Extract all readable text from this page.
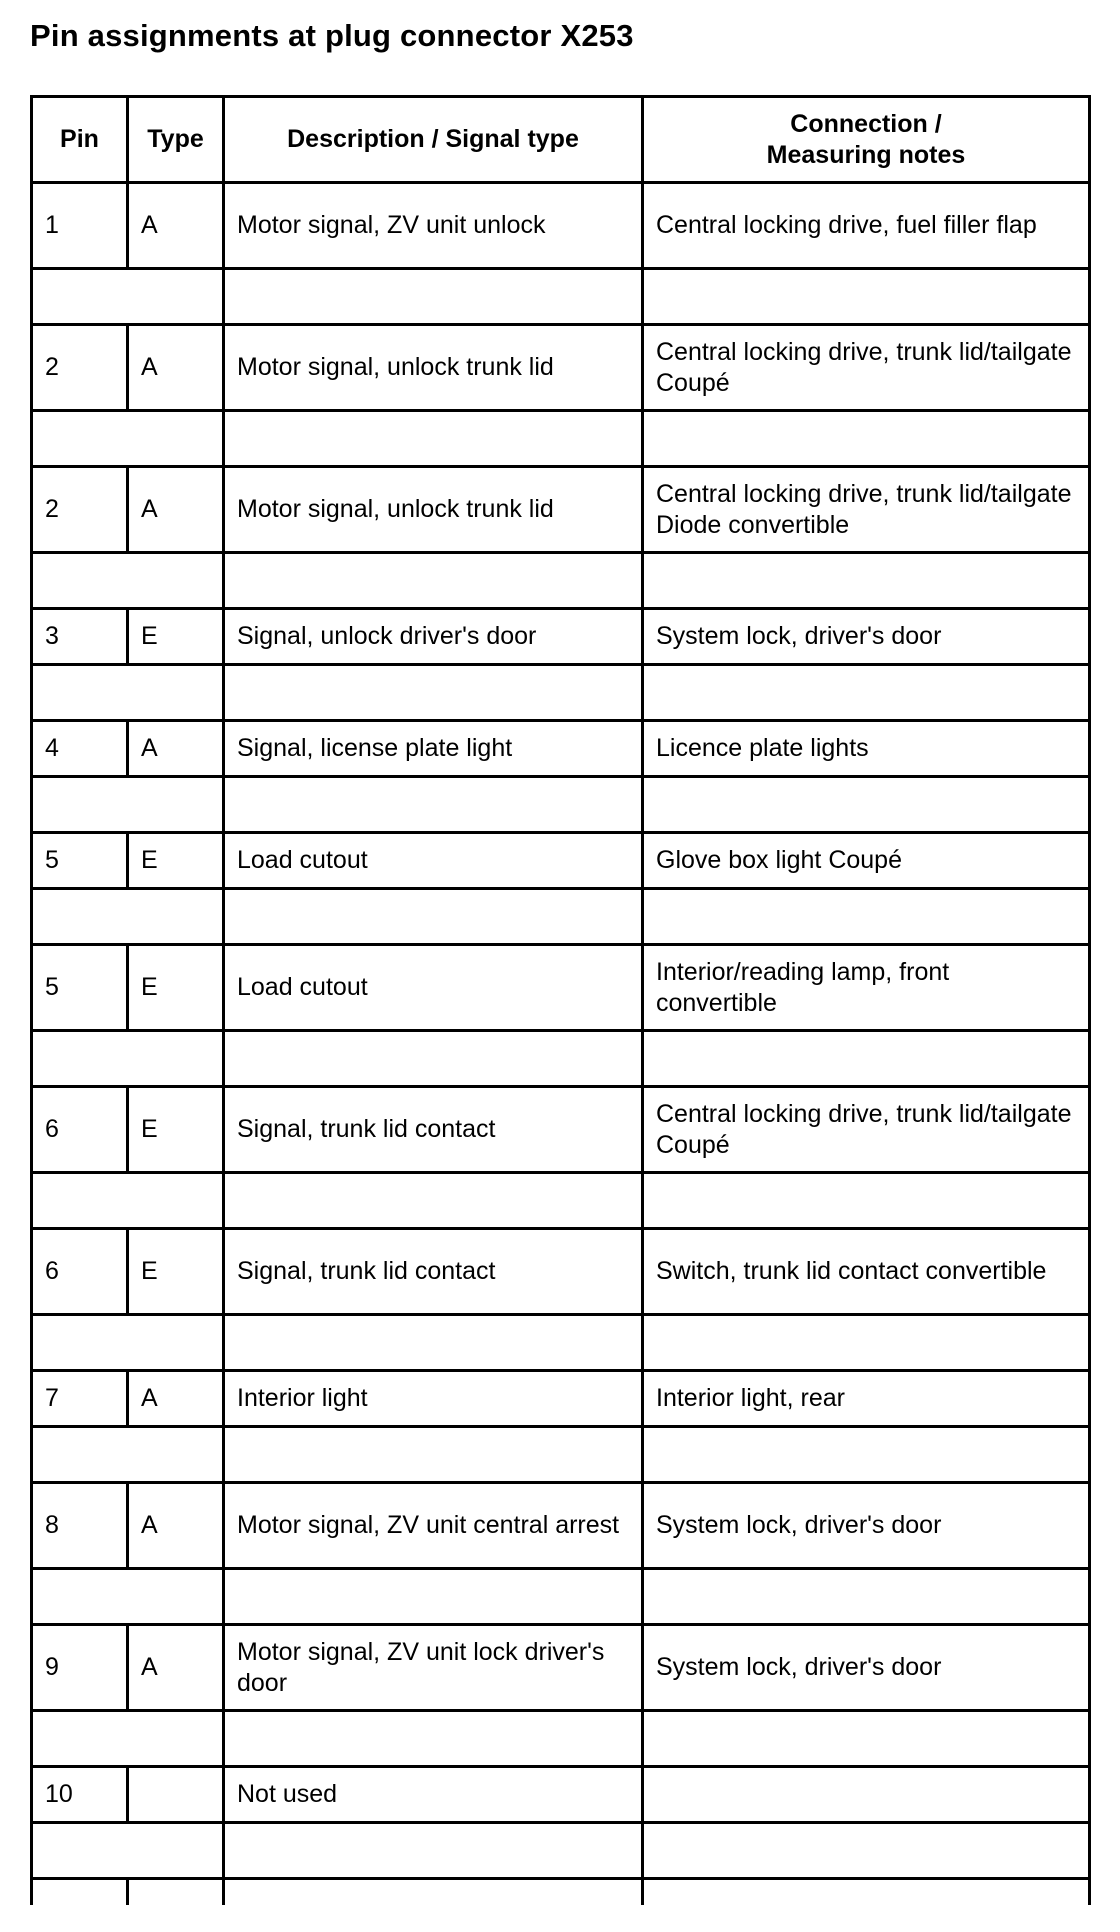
Pin assignments at plug connector X253
Pin	Type	Description / Signal type	Connection /
Measuring notes
1	A	Motor signal, ZV unit unlock	Central locking drive, fuel filler flap

2	A	Motor signal, unlock trunk lid	Central locking drive, trunk lid/tailgate Coupé

2	A	Motor signal, unlock trunk lid	Central locking drive, trunk lid/tailgate Diode convertible

3	E	Signal, unlock driver's door	System lock, driver's door

4	A	Signal, license plate light	Licence plate lights

5	E	Load cutout	Glove box light Coupé

5	E	Load cutout	Interior/reading lamp, front convertible

6	E	Signal, trunk lid contact	Central locking drive, trunk lid/tailgate Coupé

6	E	Signal, trunk lid contact	Switch, trunk lid contact convertible

7	A	Interior light	Interior light, rear

8	A	Motor signal, ZV unit central arrest	System lock, driver's door

9	A	Motor signal, ZV unit lock driver's door	System lock, driver's door

10		Not used	
